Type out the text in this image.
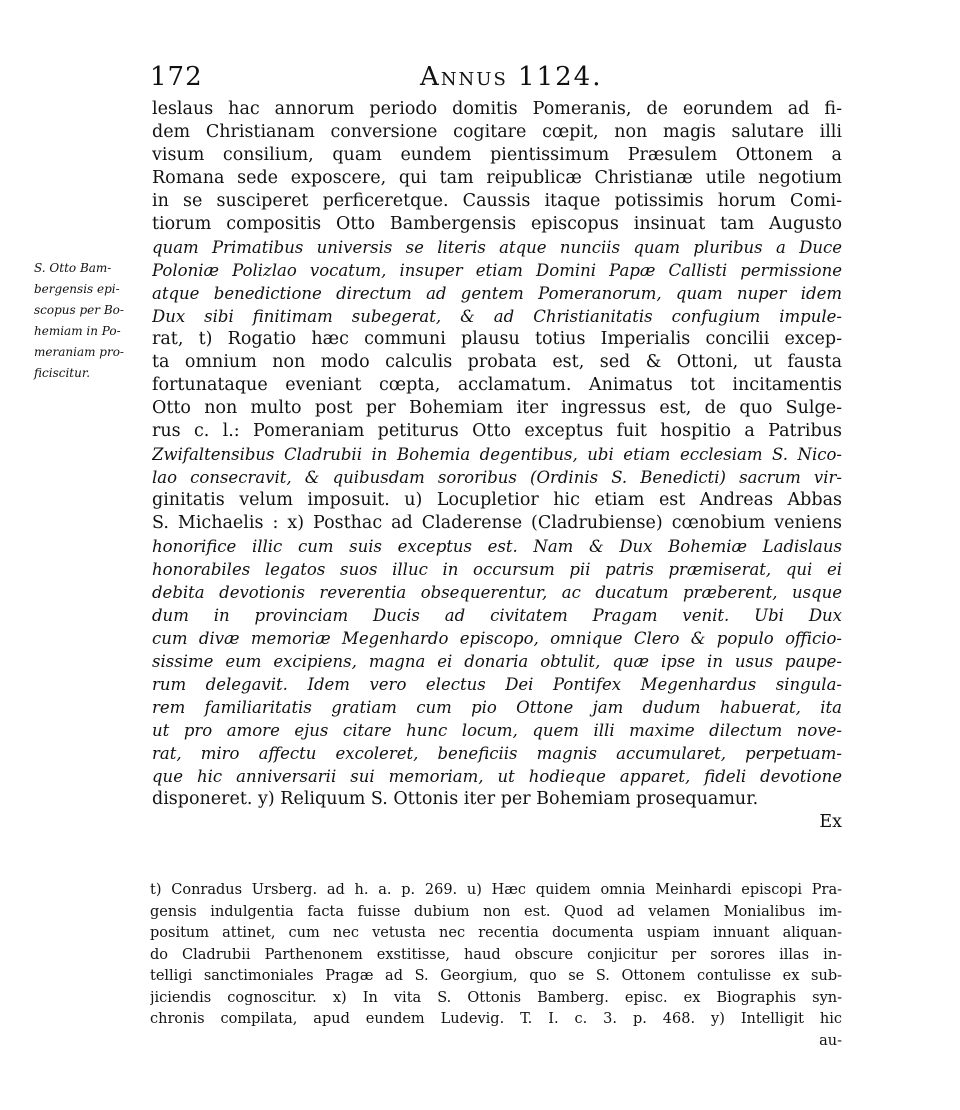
172	Annus 1124.
S. Otto Bam-
bergensis epi-
scopus per Bo-
hemiam in Po-
meraniam pro-
ficiscitur.
leslaus hac annorum periodo domitis Pomeranis, de eorundem ad fi-
dem Christianam conversione cogitare cœpit, non magis salutare illi
visum consilium, quam eundem pientissimum Præsulem Ottonem a
Romana sede exposcere, qui tam reipublicæ Christianæ utile negotium
in se susciperet perficeretque. Caussis itaque potissimis horum Comi-
tiorum compositis Otto Bambergensis episcopus insinuat tam Augusto
quam Primatibus universis se literis atque nunciis quam pluribus a Duce
Poloniæ Polizlao vocatum, insuper etiam Domini Papæ Callisti permissione
atque benedictione directum ad gentem Pomeranorum, quam nuper idem
Dux sibi finitimam subegerat, & ad Christianitatis confugium impule-
rat, t) Rogatio hæc communi plausu totius Imperialis concilii excep-
ta omnium non modo calculis probata est, sed & Ottoni, ut fausta
fortunataque eveniant cœpta, acclamatum. Animatus tot incitamentis
Otto non multo post per Bohemiam iter ingressus est, de quo Sulge-
rus c. l.: Pomeraniam petiturus Otto exceptus fuit hospitio a Patribus
Zwifaltensibus Cladrubii in Bohemia degentibus, ubi etiam ecclesiam S. Nico-
lao consecravit, & quibusdam sororibus (Ordinis S. Benedicti) sacrum vir-
ginitatis velum imposuit. u) Locupletior hic etiam est Andreas Abbas
S. Michaelis : x) Posthac ad Claderense (Cladrubiense) cœnobium veniens
honorifice illic cum suis exceptus est. Nam & Dux Bohemiæ Ladislaus
honorabiles legatos suos illuc in occursum pii patris præmiserat, qui ei
debita devotionis reverentia obsequerentur, ac ducatum præberent, usque
dum in provinciam Ducis ad civitatem Pragam venit. Ubi Dux
cum divæ memoriæ Megenhardo episcopo, omnique Clero & populo officio-
sissime eum excipiens, magna ei donaria obtulit, quæ ipse in usus paupe-
rum delegavit. Idem vero electus Dei Pontifex Megenhardus singula-
rem familiaritatis gratiam cum pio Ottone jam dudum habuerat, ita
ut pro amore ejus citare hunc locum, quem illi maxime dilectum nove-
rat, miro affectu excoleret, beneficiis magnis accumularet, perpetuam-
que hic anniversarii sui memoriam, ut hodieque apparet, fideli devotione
disponeret. y) Reliquum S. Ottonis iter per Bohemiam prosequamur.
Ex
t) Conradus Ursberg. ad h. a. p. 269. u) Hæc quidem omnia Meinhardi episcopi Pra-
gensis indulgentia facta fuisse dubium non est. Quod ad velamen Monialibus im-
positum attinet, cum nec vetusta nec recentia documenta uspiam innuant aliquan-
do Cladrubii Parthenonem exstitisse, haud obscure conjicitur per sorores illas in-
telligi sanctimoniales Pragæ ad S. Georgium, quo se S. Ottonem contulisse ex sub-
jiciendis cognoscitur. x) In vita S. Ottonis Bamberg. episc. ex Biographis syn-
chronis compilata, apud eundem Ludevig. T. I. c. 3. p. 468. y) Intelligit hic
au-
